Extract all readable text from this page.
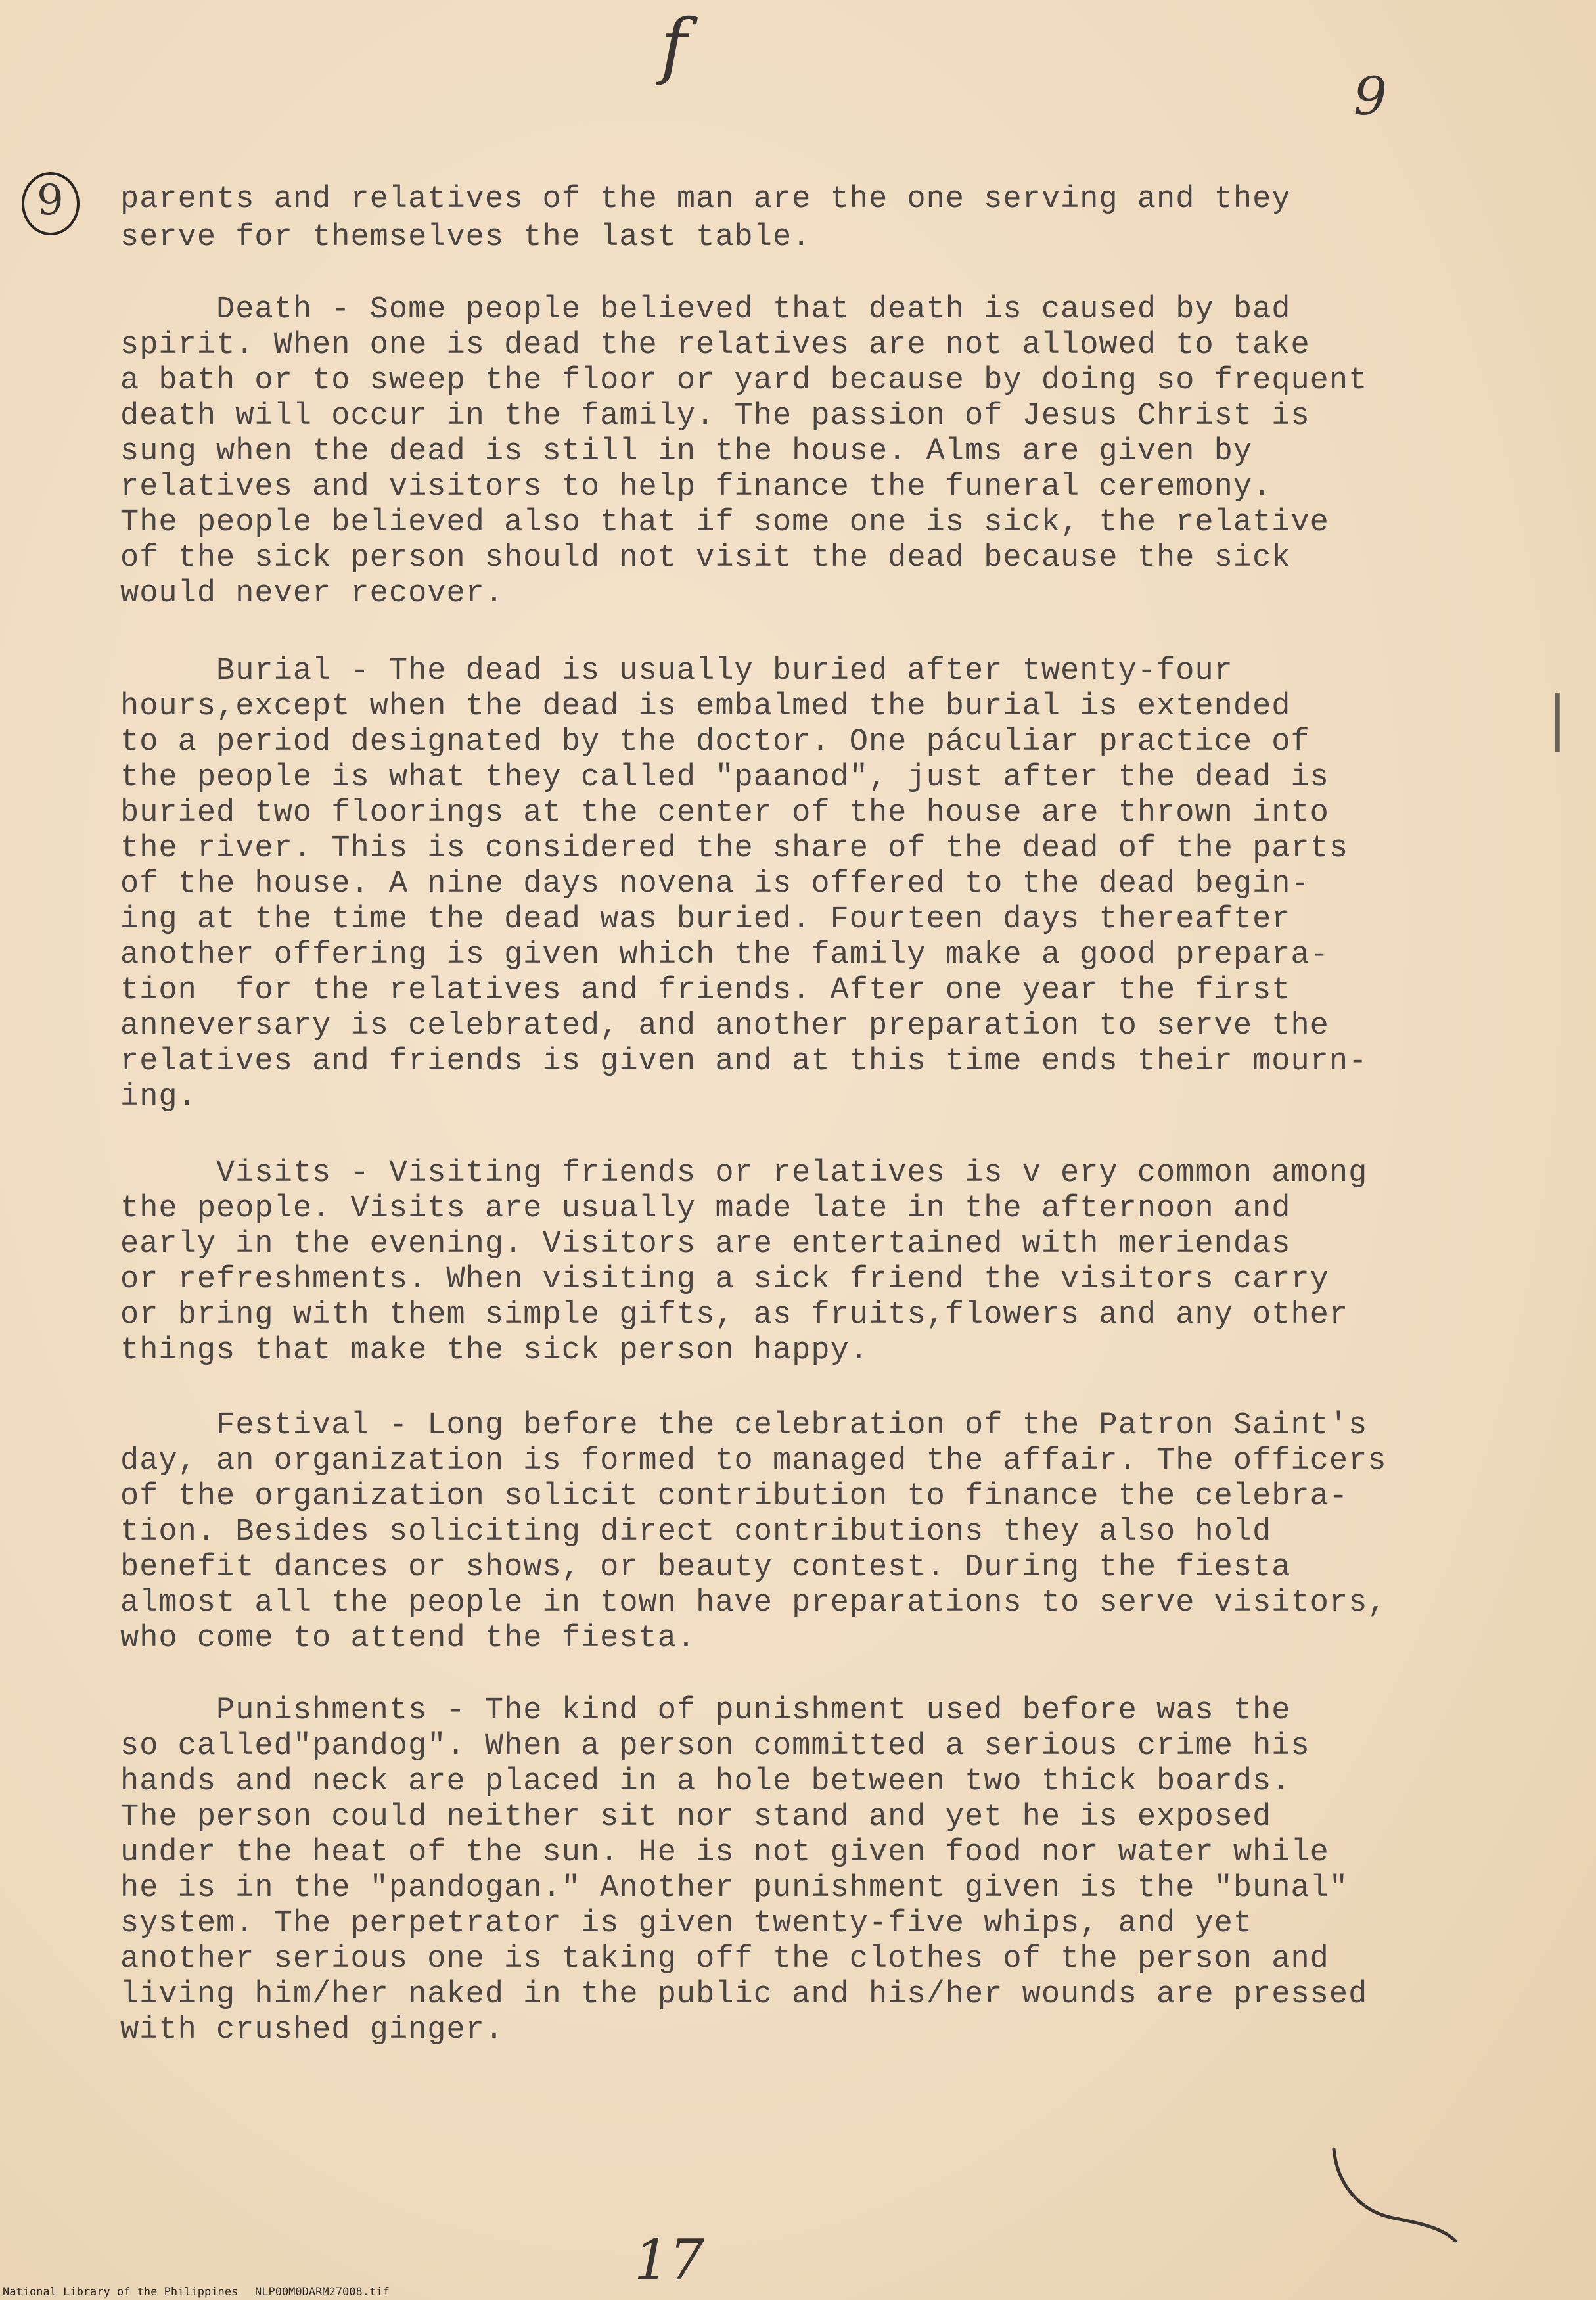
f
9
9
|
17
parents and relatives of the man are the one serving and they
serve for themselves the last table.
Death - Some people believed that death is caused by bad
spirit. When one is dead the relatives are not allowed to take
a bath or to sweep the floor or yard because by doing so frequent
death will occur in the family. The passion of Jesus Christ is
sung when the dead is still in the house. Alms are given by
relatives and visitors to help finance the funeral ceremony.
The people believed also that if some one is sick, the relative
of the sick person should not visit the dead because the sick
would never recover.
Burial - The dead is usually buried after twenty-four
hours,except when the dead is embalmed the burial is extended
to a period designated by the doctor. One páculiar practice of
the people is what they called "paanod", just after the dead is
buried two floorings at the center of the house are thrown into
the river. This is considered the share of the dead of the parts
of the house. A nine days novena is offered to the dead begin-
ing at the time the dead was buried. Fourteen days thereafter
another offering is given which the family make a good prepara-
tion  for the relatives and friends. After one year the first
anneversary is celebrated, and another preparation to serve the
relatives and friends is given and at this time ends their mourn-
ing.
Visits - Visiting friends or relatives is v ery common among
the people. Visits are usually made late in the afternoon and
early in the evening. Visitors are entertained with meriendas
or refreshments. When visiting a sick friend the visitors carry
or bring with them simple gifts, as fruits,flowers and any other
things that make the sick person happy.
Festival - Long before the celebration of the Patron Saint's
day, an organization is formed to managed the affair. The officers
of the organization solicit contribution to finance the celebra-
tion. Besides soliciting direct contributions they also hold
benefit dances or shows, or beauty contest. During the fiesta
almost all the people in town have preparations to serve visitors,
who come to attend the fiesta.
Punishments - The kind of punishment used before was the
so called"pandog". When a person committed a serious crime his
hands and neck are placed in a hole between two thick boards.
The person could neither sit nor stand and yet he is exposed
under the heat of the sun. He is not given food nor water while
he is in the "pandogan." Another punishment given is the "bunal"
system. The perpetrator is given twenty-five whips, and yet
another serious one is taking off the clothes of the person and
living him/her naked in the public and his/her wounds are pressed
with crushed ginger.
National Library of the Philippines NLP00M0DARM27008.tif
